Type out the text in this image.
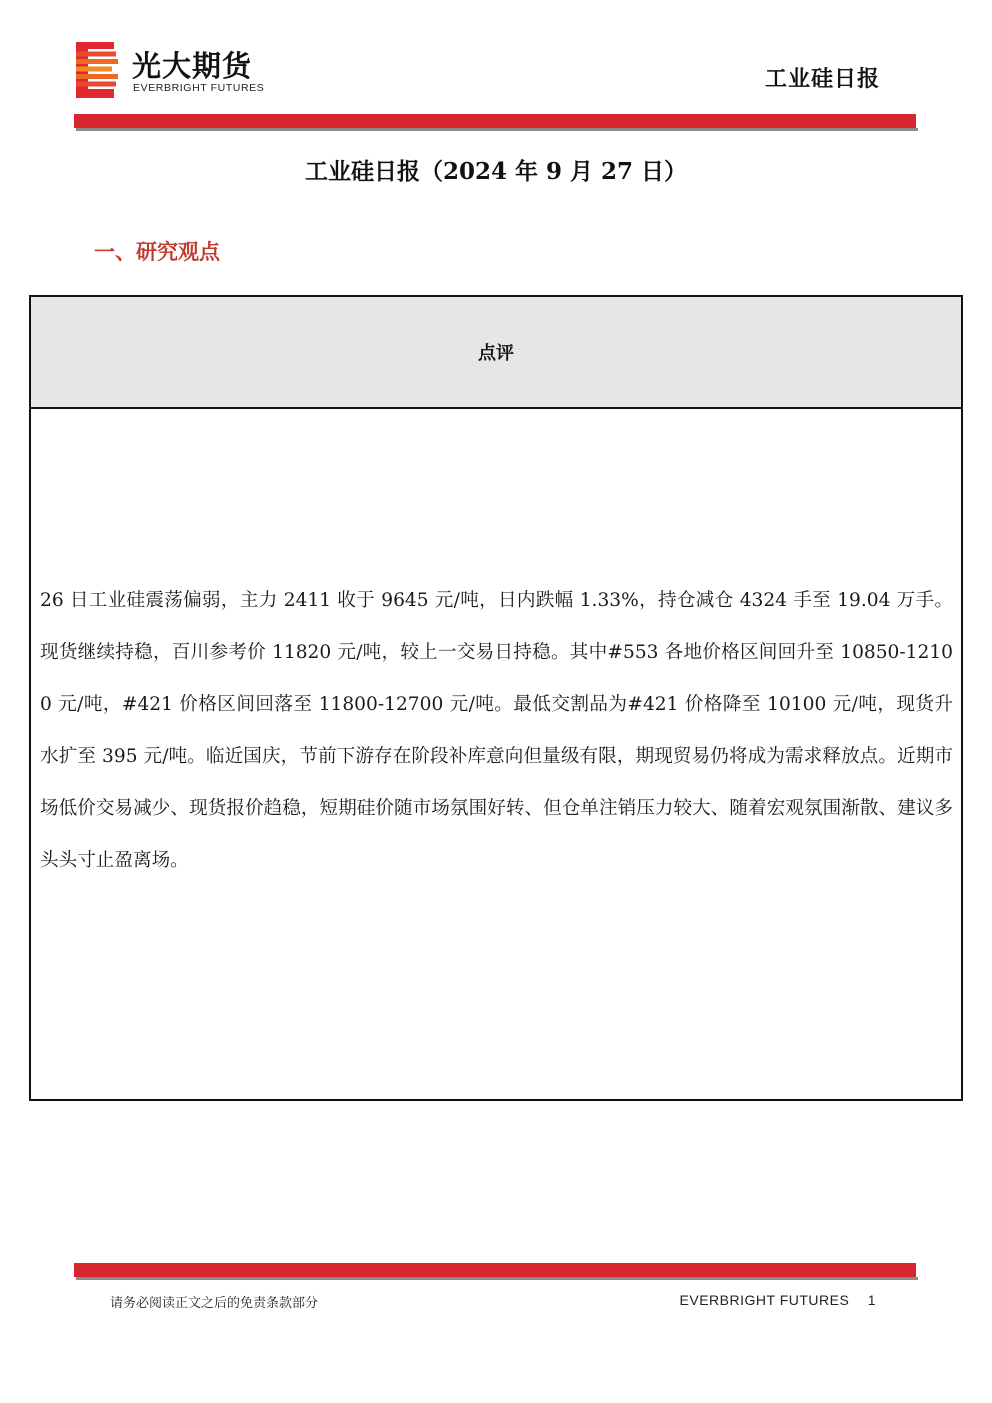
光大期货
EVERBRIGHT FUTURES	工业硅日报
工业硅日报（2024 年 9 月 27 日）
一、研究观点
点评

26 日工业硅震荡偏弱，主力 2411 收于 9645 元/吨，日内跌幅 1.33%，持仓减仓 4324 手至 19.04 万手。现货继续持稳，百川参考价 11820 元/吨，较上一交易日持稳。其中#553 各地价格区间回升至 10850-12100 元/吨，#421 价格区间回落至 11800-12700 元/吨。最低交割品为#421 价格降至 10100 元/吨，现货升水扩至 395 元/吨。临近国庆，节前下游存在阶段补库意向但量级有限，期现贸易仍将成为需求释放点。近期市场低价交易减少、现货报价趋稳，短期硅价随市场氛围好转、但仓单注销压力较大、随着宏观氛围渐散、建议多头头寸止盈离场。

请务必阅读正文之后的免责条款部分	EVERBRIGHT FUTURES 1
